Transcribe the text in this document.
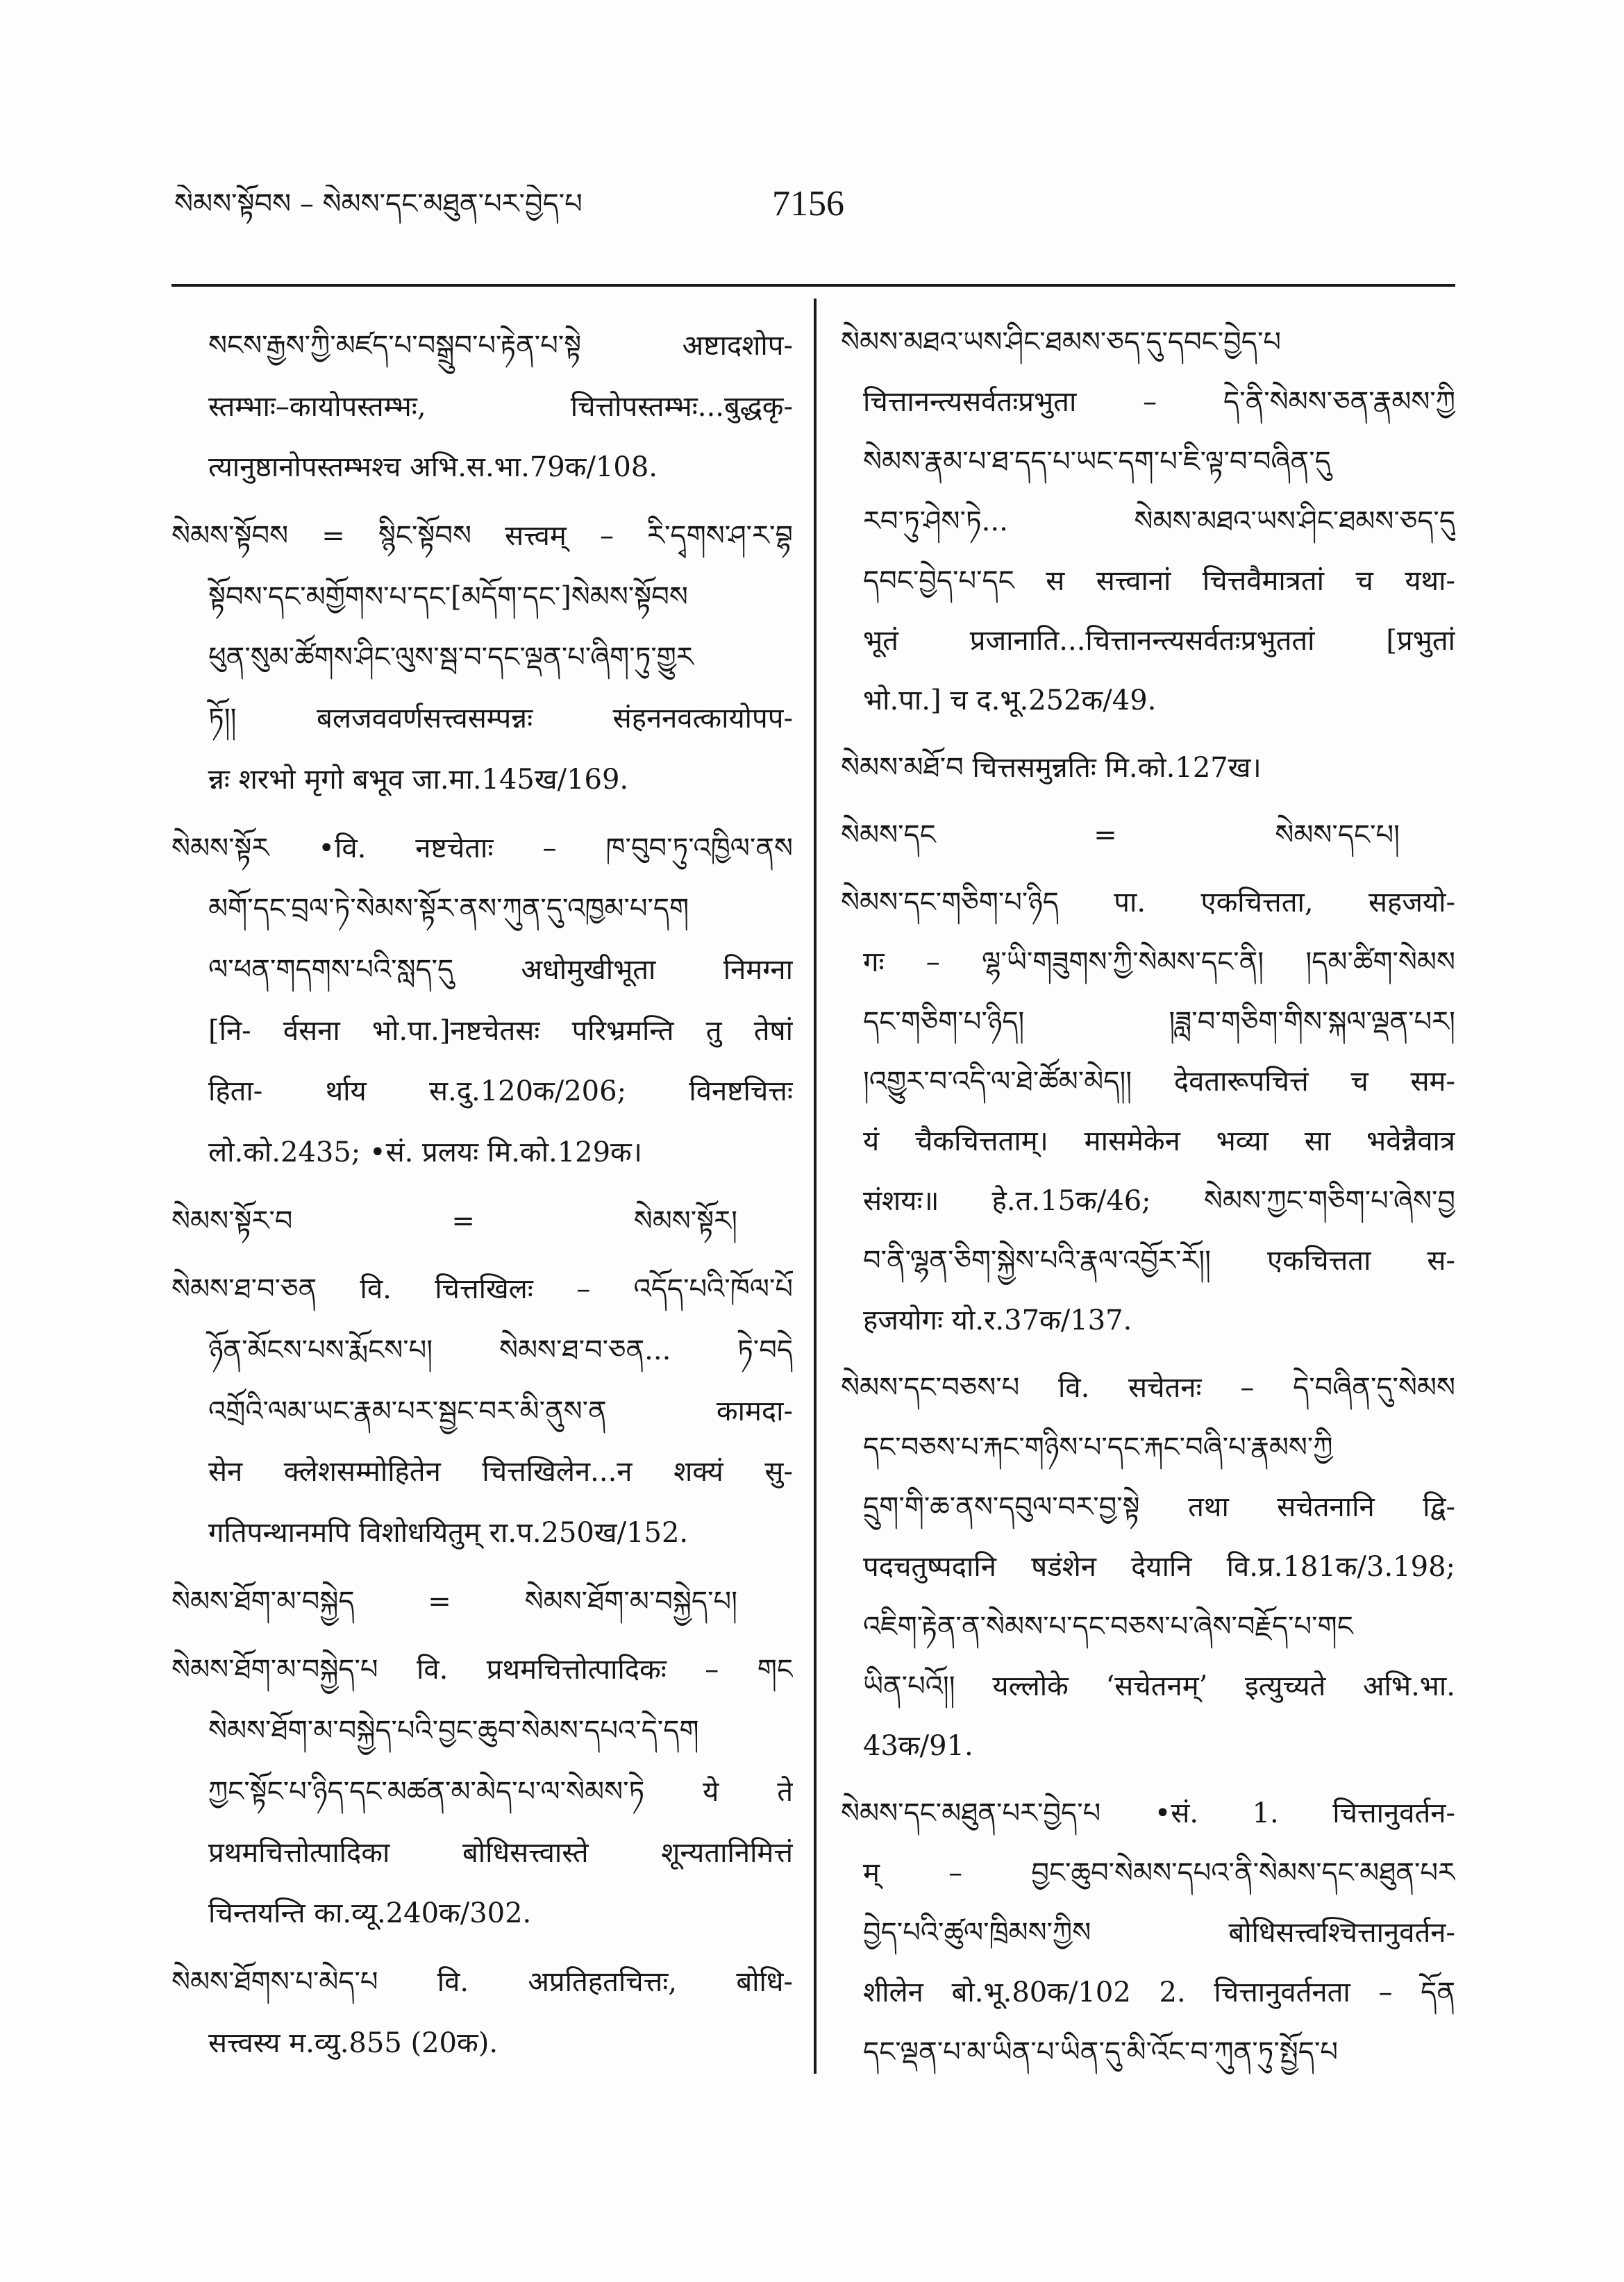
སེམས་སྟོབས – སེམས་དང་མཐུན་པར་བྱེད་པ	7156
སངས་རྒྱས་ཀྱི་མཛད་པ་བསྒྲུབ་པ་རྟེན་པ་སྟེ अष्टादशोप-
स्तम्भाः–कायोपस्तम्भः, चित्तोपस्तम्भः...बुद्धकृ-
त्यानुष्ठानोपस्तम्भश्च अभि.स.भा.79क/108.
སེམས་སྟོབས = སྙིང་སྟོབས सत्त्वम् – རི་དྭགས་ཤ་ར་བྷ
སྟོབས་དང་མགྱོགས་པ་དང་[མདོག་དང་]སེམས་སྟོབས
ཕུན་སུམ་ཚོགས་ཤིང་ལུས་སྦ་བ་དང་ལྡན་པ་ཞིག་ཏུ་གྱུར
ཏོ།། बलजववर्णसत्त्वसम्पन्नः संहननवत्कायोपप-
न्नः शरभो मृगो बभूव जा.मा.145ख/169.
སེམས་སྟོར •वि. नष्टचेताः – ཁ་བུབ་ཏུ་འཁྱིལ་ནས
མགོ་དང་བྲལ་ཏེ་སེམས་སྟོར་ནས་ཀུན་དུ་འཁྱམ་པ་དག
ལ་ཕན་གདགས་པའི་སླད་དུ अधोमुखीभूता निमग्ना
[नि- र्वसना भो.पा.]नष्टचेतसः परिभ्रमन्ति तु तेषां
हिता- र्थाय स.दु.120क/206; विनष्टचित्तः
लो.को.2435; •सं. प्रलयः मि.को.129क।
སེམས་སྟོར་བ = སེམས་སྟོར།
སེམས་ཐ་བ་ཅན वि. चित्तखिलः – འདོད་པའི་ཁོལ་པོ
ཉོན་མོངས་པས་རྨོངས་པ། སེམས་ཐ་བ་ཅན... ཏེ་བདེ
འགྲོའི་ལམ་ཡང་རྣམ་པར་སྦྱང་བར་མི་ནུས་ན कामदा-
सेन क्लेशसम्मोहितेन चित्तखिलेन...न शक्यं सु-
गतिपन्थानमपि विशोधयितुम् रा.प.250ख/152.
སེམས་ཐོག་མ་བསྐྱེད = སེམས་ཐོག་མ་བསྐྱེད་པ།
སེམས་ཐོག་མ་བསྐྱེད་པ वि. प्रथमचित्तोत्पादिकः – གང
སེམས་ཐོག་མ་བསྐྱེད་པའི་བྱང་ཆུབ་སེམས་དཔའ་དེ་དག
ཀྱང་སྟོང་པ་ཉིད་དང་མཚན་མ་མེད་པ་ལ་སེམས་ཏེ ये ते
प्रथमचित्तोत्पादिका बोधिसत्त्वास्ते शून्यतानिमित्तं
चिन्तयन्ति का.व्यू.240क/302.
སེམས་ཐོགས་པ་མེད་པ वि. अप्रतिहतचित्तः, बोधि-
सत्त्वस्य म.व्यु.855 (20क).
སེམས་མཐའ་ཡས་ཤིང་ཐམས་ཅད་དུ་དབང་བྱེད་པ
चित्तानन्त्यसर्वतःप्रभुता – དེ་ནི་སེམས་ཅན་རྣམས་ཀྱི
སེམས་རྣམ་པ་ཐ་དད་པ་ཡང་དག་པ་ཇི་ལྟ་བ་བཞིན་དུ
རབ་ཏུ་ཤེས་ཏེ... སེམས་མཐའ་ཡས་ཤིང་ཐམས་ཅད་དུ
དབང་བྱེད་པ་དང स सत्त्वानां चित्तवैमात्रतां च यथा-
भूतं प्रजानाति...चित्तानन्त्यसर्वतःप्रभुततां [प्रभुतां
भो.पा.] च द.भू.252क/49.
སེམས་མཐོ་བ चित्तसमुन्नतिः मि.को.127ख।
སེམས་དང = སེམས་དང་པ།
སེམས་དང་གཅིག་པ་ཉིད पा. एकचित्तता, सहजयो-
गः – ལྷ་ཡི་གཟུགས་ཀྱི་སེམས་དང་ནི། །དམ་ཚིག་སེམས
དང་གཅིག་པ་ཉིད། །ཟླ་བ་གཅིག་གིས་སྐལ་ལྡན་པར།
།འགྱུར་བ་འདི་ལ་ཐེ་ཚོམ་མེད།། देवतारूपचित्तं च सम-
यं चैकचित्तताम्। मासमेकेन भव्या सा भवेन्नैवात्र
संशयः॥ हे.त.15क/46; སེམས་ཀྱང་གཅིག་པ་ཞེས་བྱ
བ་ནི་ལྷན་ཅིག་སྐྱེས་པའི་རྣལ་འབྱོར་རོ།། एकचित्तता स-
हजयोगः यो.र.37क/137.
སེམས་དང་བཅས་པ वि. सचेतनः – དེ་བཞིན་དུ་སེམས
དང་བཅས་པ་རྐང་གཉིས་པ་དང་རྐང་བཞི་པ་རྣམས་ཀྱི
དྲུག་གི་ཆ་ནས་དབུལ་བར་བྱ་སྟེ तथा सचेतनानि द्वि-
पदचतुष्पदानि षडंशेन देयानि वि.प्र.181क/3.198;
འཇིག་རྟེན་ན་སེམས་པ་དང་བཅས་པ་ཞེས་བརྗོད་པ་གང
ཡིན་པའོ།། यल्लोके ‘सचेतनम्’ इत्युच्यते अभि.भा.
43क/91.
སེམས་དང་མཐུན་པར་བྱེད་པ •सं. 1. चित्तानुवर्तन-
म् – བྱང་ཆུབ་སེམས་དཔའ་ནི་སེམས་དང་མཐུན་པར
བྱེད་པའི་ཚུལ་ཁྲིམས་ཀྱིས बोधिसत्त्वश्चित्तानुवर्तन-
शीलेन बो.भू.80क/102 2. चित्तानुवर्तनता – དོན
དང་ལྡན་པ་མ་ཡིན་པ་ཡིན་དུ་མི་འོང་བ་ཀུན་ཏུ་སྤྱོད་པ
